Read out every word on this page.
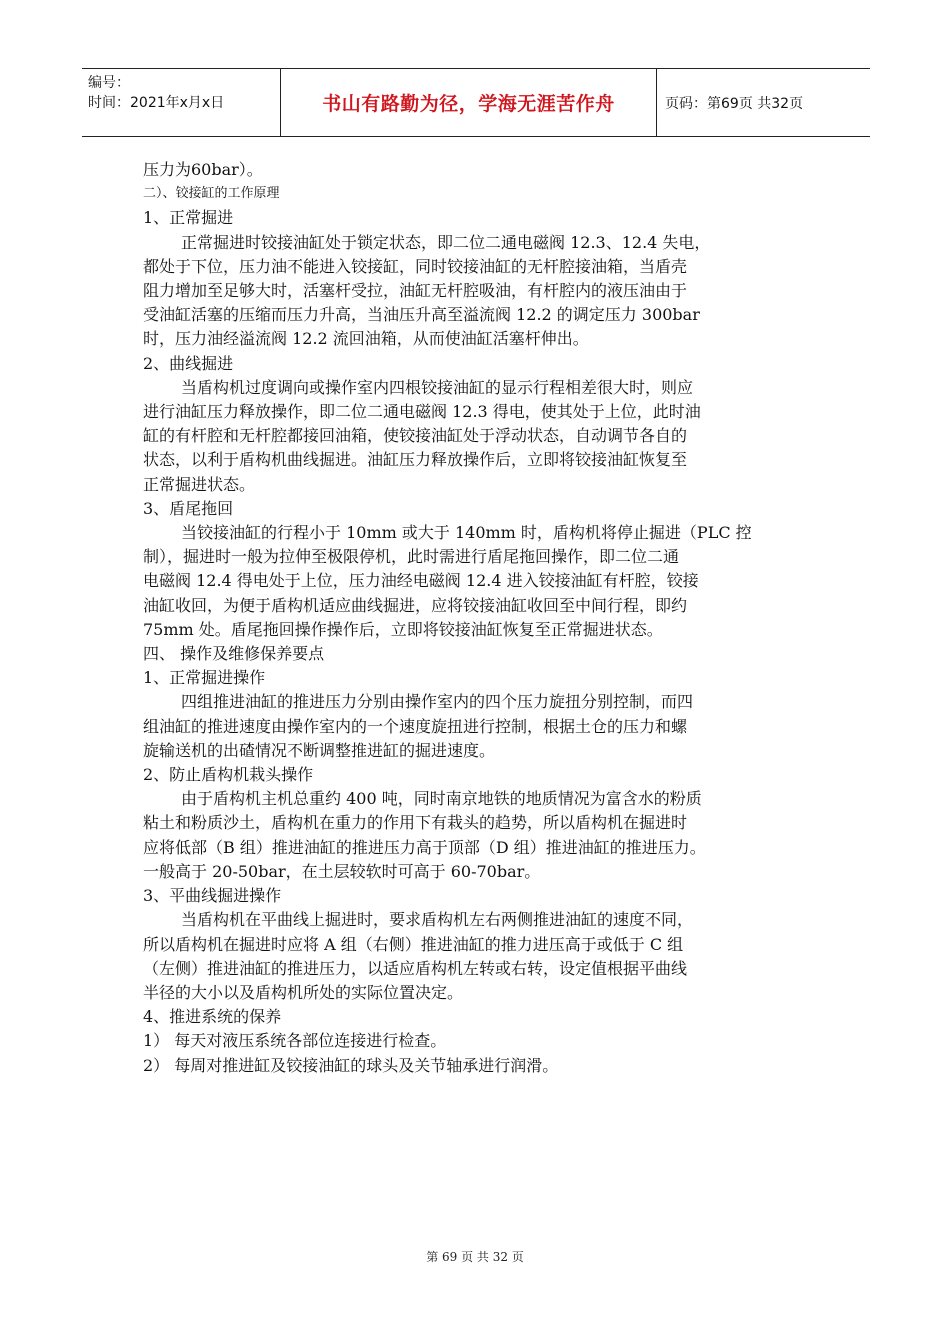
编号：
时间：2021年x月x日	书山有路勤为径，学海无涯苦作舟	页码：第69页 共32页
压力为60bar）。
二）、铰接缸的工作原理
1、正常掘进
正常掘进时铰接油缸处于锁定状态，即二位二通电磁阀 12.3、12.4 失电，
都处于下位，压力油不能进入铰接缸，同时铰接油缸的无杆腔接油箱，当盾壳
阻力增加至足够大时，活塞杆受拉，油缸无杆腔吸油，有杆腔内的液压油由于
受油缸活塞的压缩而压力升高，当油压升高至溢流阀 12.2 的调定压力 300bar
时，压力油经溢流阀 12.2 流回油箱，从而使油缸活塞杆伸出。
2、曲线掘进
当盾构机过度调向或操作室内四根铰接油缸的显示行程相差很大时，则应
进行油缸压力释放操作，即二位二通电磁阀 12.3 得电，使其处于上位，此时油
缸的有杆腔和无杆腔都接回油箱，使铰接油缸处于浮动状态，自动调节各自的
状态，以利于盾构机曲线掘进。油缸压力释放操作后，立即将铰接油缸恢复至
正常掘进状态。
3、盾尾拖回
当铰接油缸的行程小于 10mm 或大于 140mm 时，盾构机将停止掘进（PLC 控
制），掘进时一般为拉伸至极限停机，此时需进行盾尾拖回操作，即二位二通
电磁阀 12.4 得电处于上位，压力油经电磁阀 12.4 进入铰接油缸有杆腔，铰接
油缸收回，为便于盾构机适应曲线掘进，应将铰接油缸收回至中间行程，即约
75mm 处。盾尾拖回操作操作后，立即将铰接油缸恢复至正常掘进状态。
四、 操作及维修保养要点
1、正常掘进操作
四组推进油缸的推进压力分别由操作室内的四个压力旋扭分别控制，而四
组油缸的推进速度由操作室内的一个速度旋扭进行控制，根据土仓的压力和螺
旋输送机的出碴情况不断调整推进缸的掘进速度。
2、防止盾构机栽头操作
由于盾构机主机总重约 400 吨，同时南京地铁的地质情况为富含水的粉质
粘土和粉质沙土，盾构机在重力的作用下有栽头的趋势，所以盾构机在掘进时
应将低部（B 组）推进油缸的推进压力高于顶部（D 组）推进油缸的推进压力。
一般高于 20-50bar，在土层较软时可高于 60-70bar。
3、平曲线掘进操作
当盾构机在平曲线上掘进时，要求盾构机左右两侧推进油缸的速度不同，
所以盾构机在掘进时应将 A 组（右侧）推进油缸的推力进压高于或低于 C 组
（左侧）推进油缸的推进压力，以适应盾构机左转或右转，设定值根据平曲线
半径的大小以及盾构机所处的实际位置决定。
4、推进系统的保养
1） 每天对液压系统各部位连接进行检查。
2） 每周对推进缸及铰接油缸的球头及关节轴承进行润滑。
第 69 页 共 32 页
